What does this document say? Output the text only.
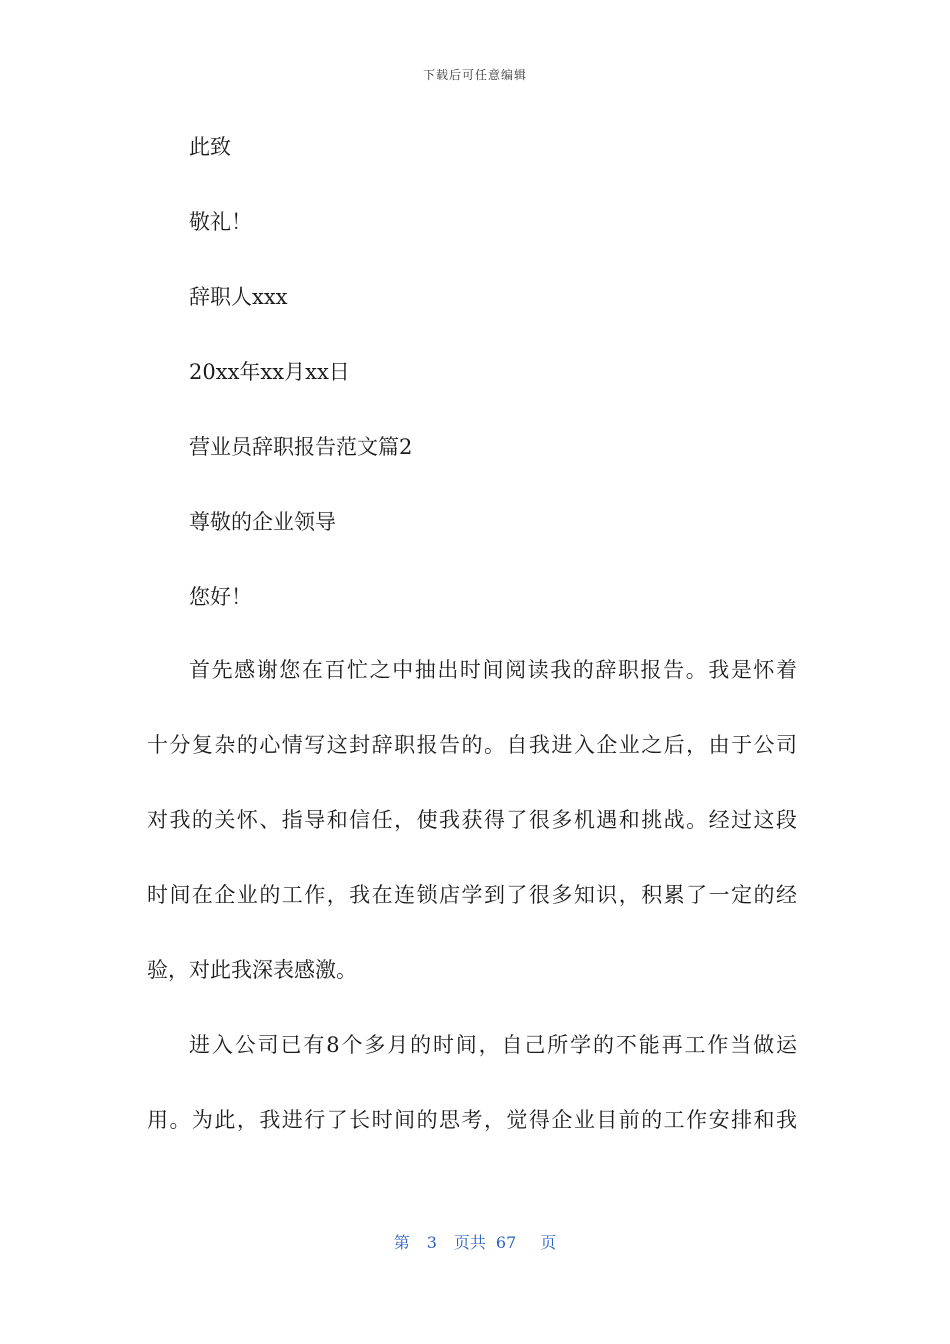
下载后可任意编辑
此致
敬礼！
辞职人xxx
20xx年xx月xx日
营业员辞职报告范文篇2
尊敬的企业领导
您好！
首先感谢您在百忙之中抽出时间阅读我的辞职报告。我是怀着
十分复杂的心情写这封辞职报告的。自我进入企业之后，由于公司
对我的关怀、指导和信任，使我获得了很多机遇和挑战。经过这段
时间在企业的工作，我在连锁店学到了很多知识，积累了一定的经
验，对此我深表感激。
进入公司已有8个多月的时间，自己所学的不能再工作当做运
用。为此，我进行了长时间的思考，觉得企业目前的工作安排和我
第 3 页共 67 页
